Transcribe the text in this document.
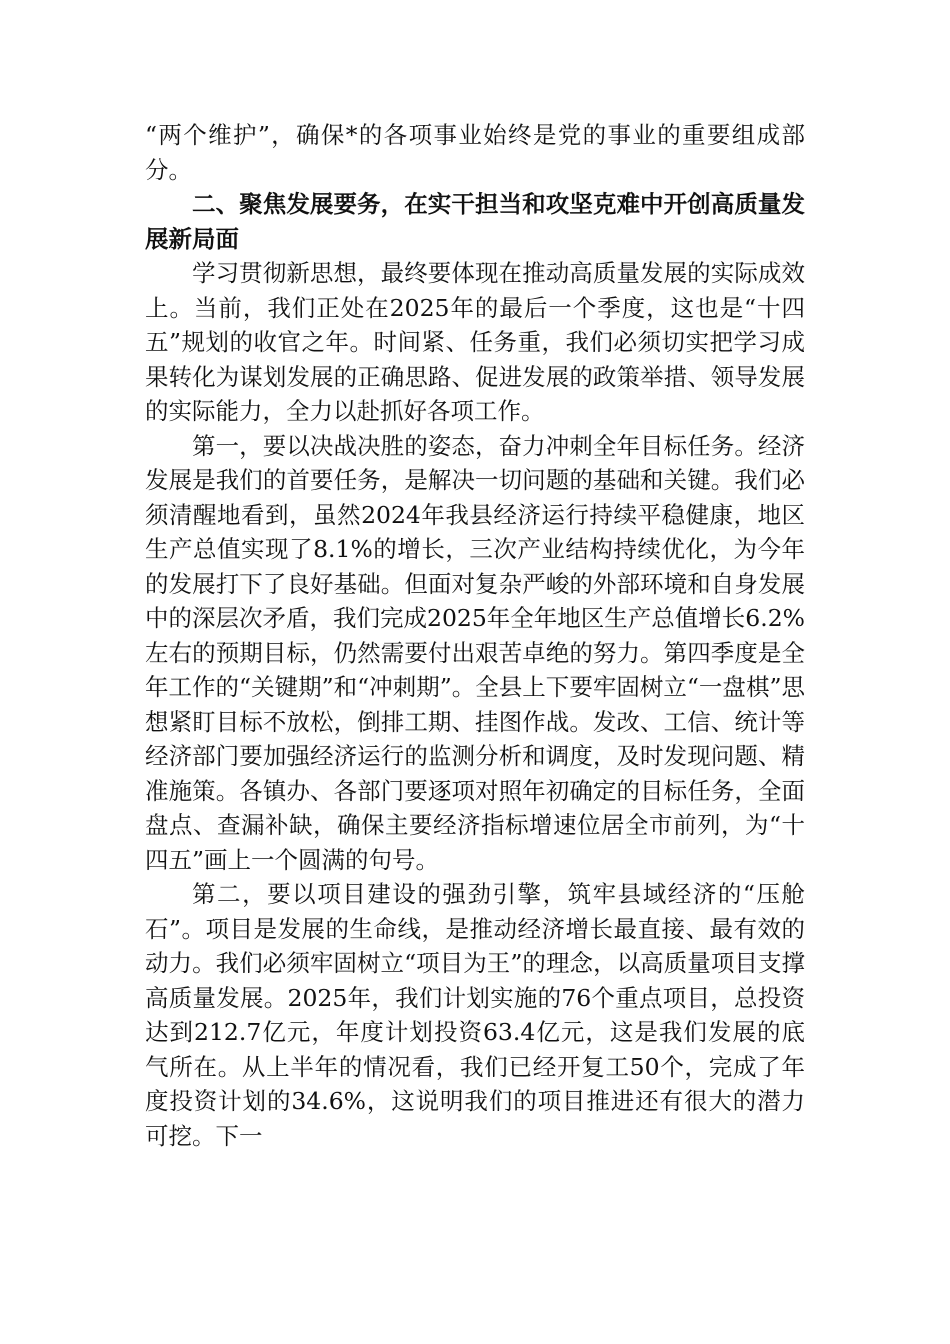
“两个维护”，确保*的各项事业始终是党的事业的重要组成部分。

二、聚焦发展要务，在实干担当和攻坚克难中开创高质量发展新局面

学习贯彻新思想，最终要体现在推动高质量发展的实际成效上。当前，我们正处在2025年的最后一个季度，这也是“十四五”规划的收官之年。时间紧、任务重，我们必须切实把学习成果转化为谋划发展的正确思路、促进发展的政策举措、领导发展的实际能力，全力以赴抓好各项工作。

第一，要以决战决胜的姿态，奋力冲刺全年目标任务。经济发展是我们的首要任务，是解决一切问题的基础和关键。我们必须清醒地看到，虽然2024年我县经济运行持续平稳健康，地区生产总值实现了8.1%的增长，三次产业结构持续优化，为今年的发展打下了良好基础。但面对复杂严峻的外部环境和自身发展中的深层次矛盾，我们完成2025年全年地区生产总值增长6.2%左右的预期目标，仍然需要付出艰苦卓绝的努力。第四季度是全年工作的“关键期”和“冲刺期”。全县上下要牢固树立“一盘棋”思想紧盯目标不放松，倒排工期、挂图作战。发改、工信、统计等经济部门要加强经济运行的监测分析和调度，及时发现问题、精准施策。各镇办、各部门要逐项对照年初确定的目标任务，全面盘点、查漏补缺，确保主要经济指标增速位居全市前列，为“十四五”画上一个圆满的句号。

第二，要以项目建设的强劲引擎，筑牢县域经济的“压舱石”。项目是发展的生命线，是推动经济增长最直接、最有效的动力。我们必须牢固树立“项目为王”的理念，以高质量项目支撑高质量发展。2025年，我们计划实施的76个重点项目，总投资达到212.7亿元，年度计划投资63.4亿元，这是我们发展的底气所在。从上半年的情况看，我们已经开复工50个，完成了年度投资计划的34.6%，这说明我们的项目推进还有很大的潜力可挖。下一
